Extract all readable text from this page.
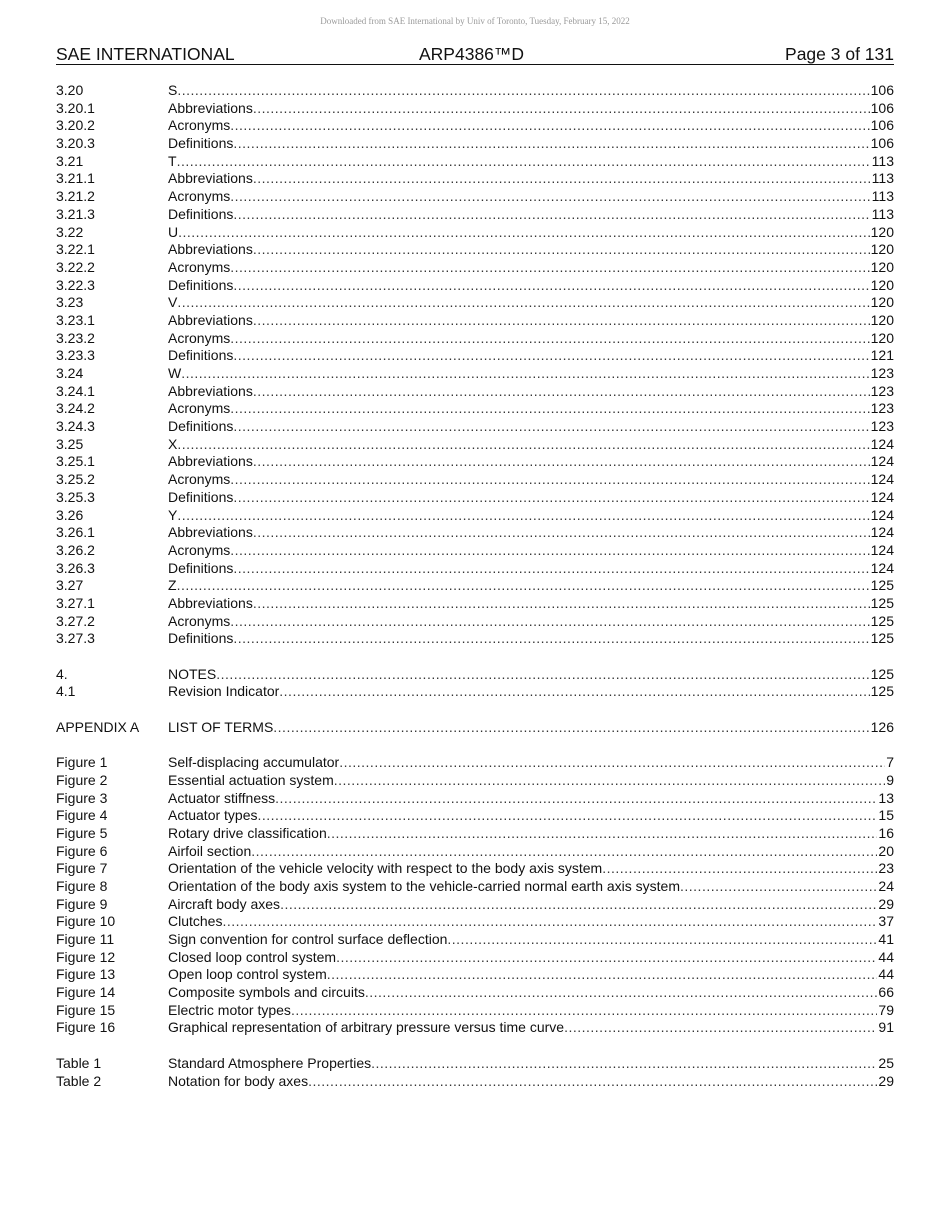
Downloaded from SAE International by Univ of Toronto, Tuesday, February 15, 2022
SAE INTERNATIONAL	ARP4386™D	Page 3 of 131
3.20	S .....	106
3.20.1	Abbreviations .....	106
3.20.2	Acronyms .....	106
3.20.3	Definitions .....	106
3.21	T .....	113
3.21.1	Abbreviations .....	113
3.21.2	Acronyms .....	113
3.21.3	Definitions .....	113
3.22	U .....	120
3.22.1	Abbreviations .....	120
3.22.2	Acronyms .....	120
3.22.3	Definitions .....	120
3.23	V .....	120
3.23.1	Abbreviations .....	120
3.23.2	Acronyms .....	120
3.23.3	Definitions .....	121
3.24	W .....	123
3.24.1	Abbreviations .....	123
3.24.2	Acronyms .....	123
3.24.3	Definitions .....	123
3.25	X .....	124
3.25.1	Abbreviations .....	124
3.25.2	Acronyms .....	124
3.25.3	Definitions .....	124
3.26	Y .....	124
3.26.1	Abbreviations .....	124
3.26.2	Acronyms .....	124
3.26.3	Definitions .....	124
3.27	Z .....	125
3.27.1	Abbreviations .....	125
3.27.2	Acronyms .....	125
3.27.3	Definitions .....	125
4.	NOTES .....	125
4.1	Revision Indicator .....	125
APPENDIX A LIST OF TERMS .....	126
Figure 1	Self-displacing accumulator .....	7
Figure 2	Essential actuation system .....	9
Figure 3	Actuator stiffness .....	13
Figure 4	Actuator types .....	15
Figure 5	Rotary drive classification .....	16
Figure 6	Airfoil section .....	20
Figure 7	Orientation of the vehicle velocity with respect to the body axis system .....	23
Figure 8	Orientation of the body axis system to the vehicle-carried normal earth axis system .....	24
Figure 9	Aircraft body axes .....	29
Figure 10	Clutches .....	37
Figure 11	Sign convention for control surface deflection .....	41
Figure 12	Closed loop control system .....	44
Figure 13	Open loop control system .....	44
Figure 14	Composite symbols and circuits .....	66
Figure 15	Electric motor types .....	79
Figure 16	Graphical representation of arbitrary pressure versus time curve .....	91
Table 1	Standard Atmosphere Properties .....	25
Table 2	Notation for body axes .....	29
